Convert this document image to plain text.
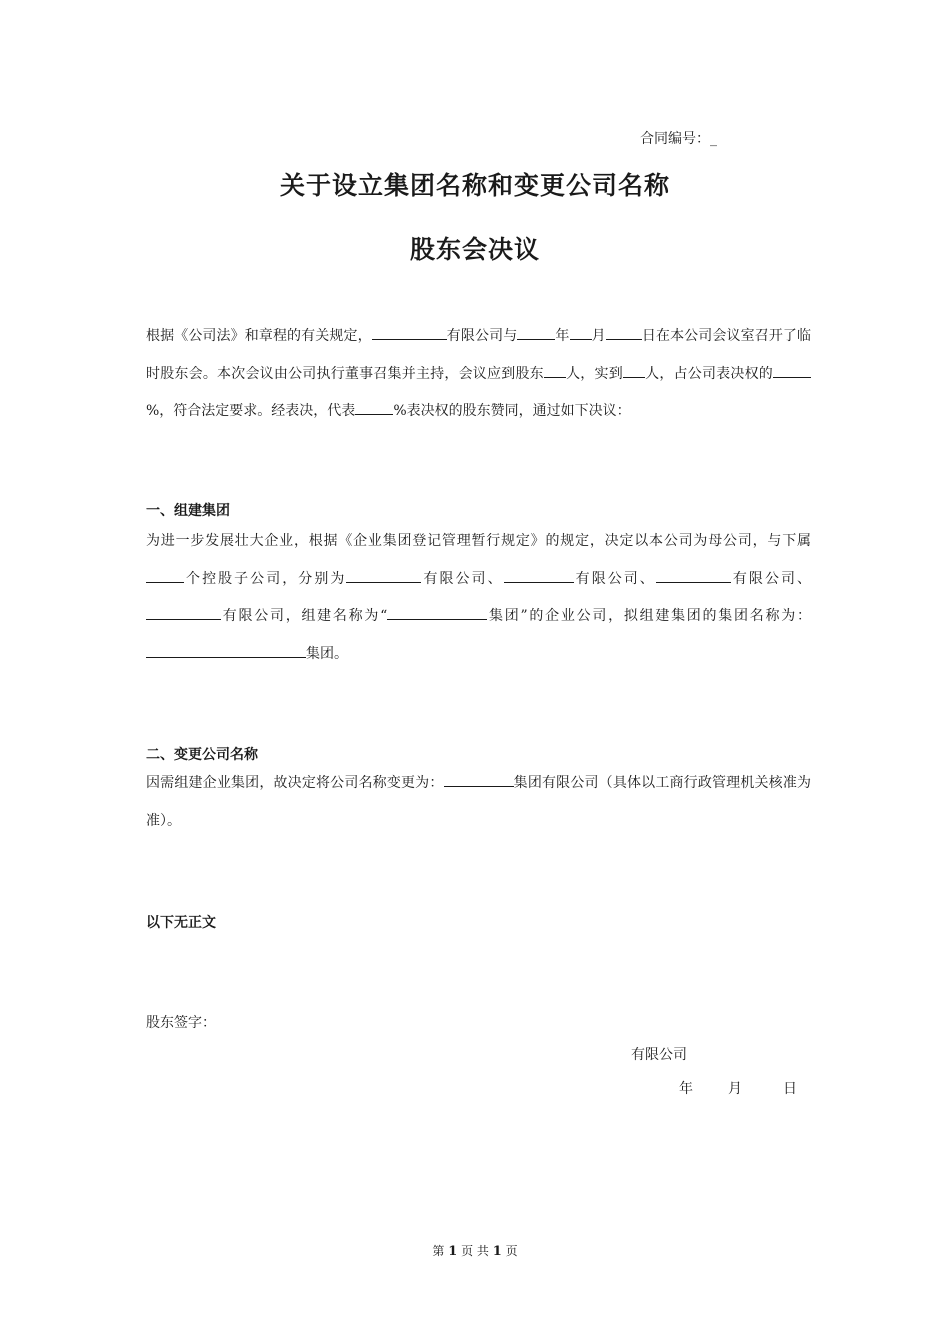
合同编号：_
关于设立集团名称和变更公司名称
股东会决议
根据《公司法》和章程的有关规定，	有限公司与	年 月	日在本公司会议室召开了临时股东会。本次会议由公司执行董事召集并主持，会议应到股东 人，实到 人，占公司表决权的%，符合法定要求。经表决，代表	%表决权的股东赞同，通过如下决议：
一、组建集团
为进一步发展壮大企业，根据《企业集团登记管理暂行规定》的规定，决定以本公司为母公司，与下属个控股子公司，分别为	有限公司、	有限公司、	有限公司、有限公司，组建名称为“	集团”的企业公司，拟组建集团的集团名称为：集团。
二、变更公司名称
因需组建企业集团，故决定将公司名称变更为：	集团有限公司（具体以工商行政管理机关核准为准）。
以下无正文
股东签字：
有限公司
年	月	日
第 1 页 共 1 页
